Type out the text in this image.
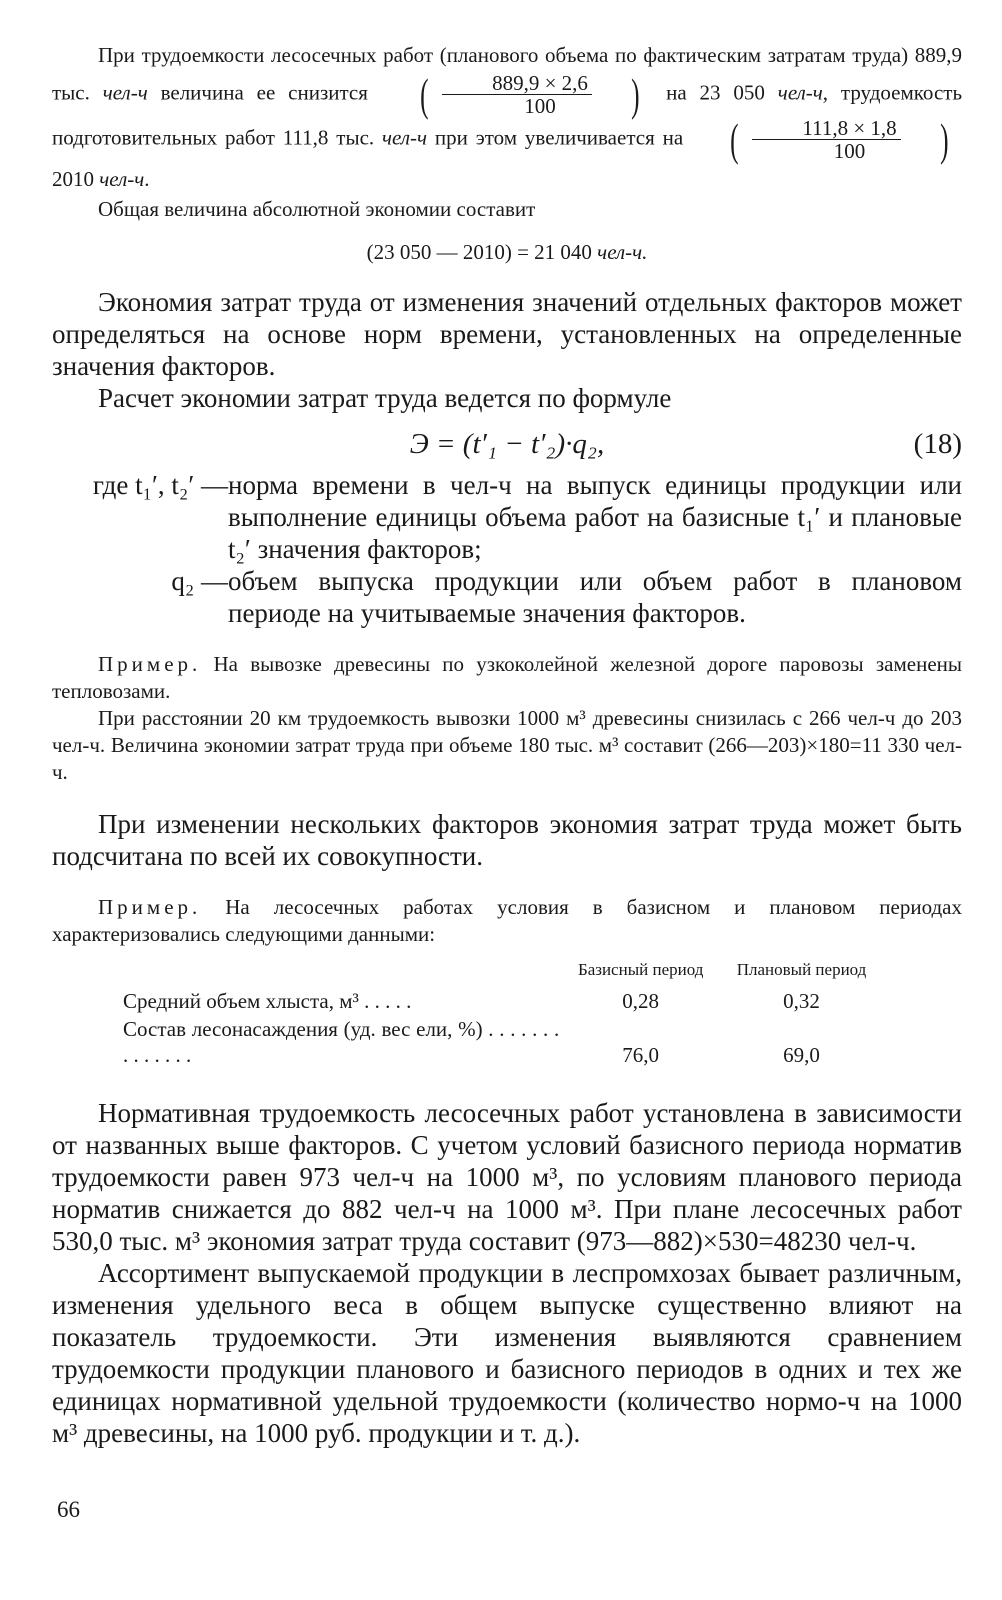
При трудоемкости лесосечных работ (планового объема по фактическим затратам труда) 889,9 тыс. чел-ч величина ее снизится ( $\frac{889,9 \times 2,6}{100}$ ) на 23 050 чел-ч, трудоемкость подготовительных работ 111,8 тыс. чел-ч при этом увеличивается на ( $\frac{111,8 \times 1,8}{100}$ )
2010 чел-ч.

Общая величина абсолютной экономии составит

(23 050 — 2010) = 21 040 чел-ч.

Экономия затрат труда от изменения значений отдельных факторов может определяться на основе норм времени, установленных на определенные значения факторов.

Расчет экономии затрат труда ведется по формуле

Э = (t′₁ − t′₂)·q₂,	(18)
где t₁′, t₂′ — норма времени в чел-ч на выпуск единицы продукции или выполнение единицы объема работ на базисные t₁′ и плановые t₂′ значения факторов;
q₂ — объем выпуска продукции или объем работ в плановом периоде на учитываемые значения факторов.

Пример. На вывозке древесины по узкоколейной железной дороге паровозы заменены тепловозами.

При расстоянии 20 км трудоемкость вывозки 1000 м³ древесины снизилась с 266 чел-ч до 203 чел-ч. Величина экономии затрат труда при объеме 180 тыс. м³ составит (266—203)×180=11 330 чел-ч.

При изменении нескольких факторов экономия затрат труда может быть подсчитана по всей их совокупности.

Пример. На лесосечных работах условия в базисном и плановом периодах характеризовались следующими данными:

	Базисный период	Плановый период
Средний объем хлыста, м³ . . . . .	0,28	0,32
Состав лесонасаждения (уд. вес ели, %) . . . . . . . . . . . . . .	76,0	69,0

Нормативная трудоемкость лесосечных работ установлена в зависимости от названных выше факторов. С учетом условий базисного периода норматив трудоемкости равен 973 чел-ч на 1000 м³, по условиям планового периода норматив снижается до 882 чел-ч на 1000 м³. При плане лесосечных работ 530,0 тыс. м³ экономия затрат труда составит (973—882)×530=48230 чел-ч.

Ассортимент выпускаемой продукции в леспромхозах бывает различным, изменения удельного веса в общем выпуске существенно влияют на показатель трудоемкости. Эти изменения выявляются сравнением трудоемкости продукции планового и базисного периодов в одних и тех же единицах нормативной удельной трудоемкости (количество нормо-ч на 1000 м³ древесины, на 1000 руб. продукции и т. д.).

66
